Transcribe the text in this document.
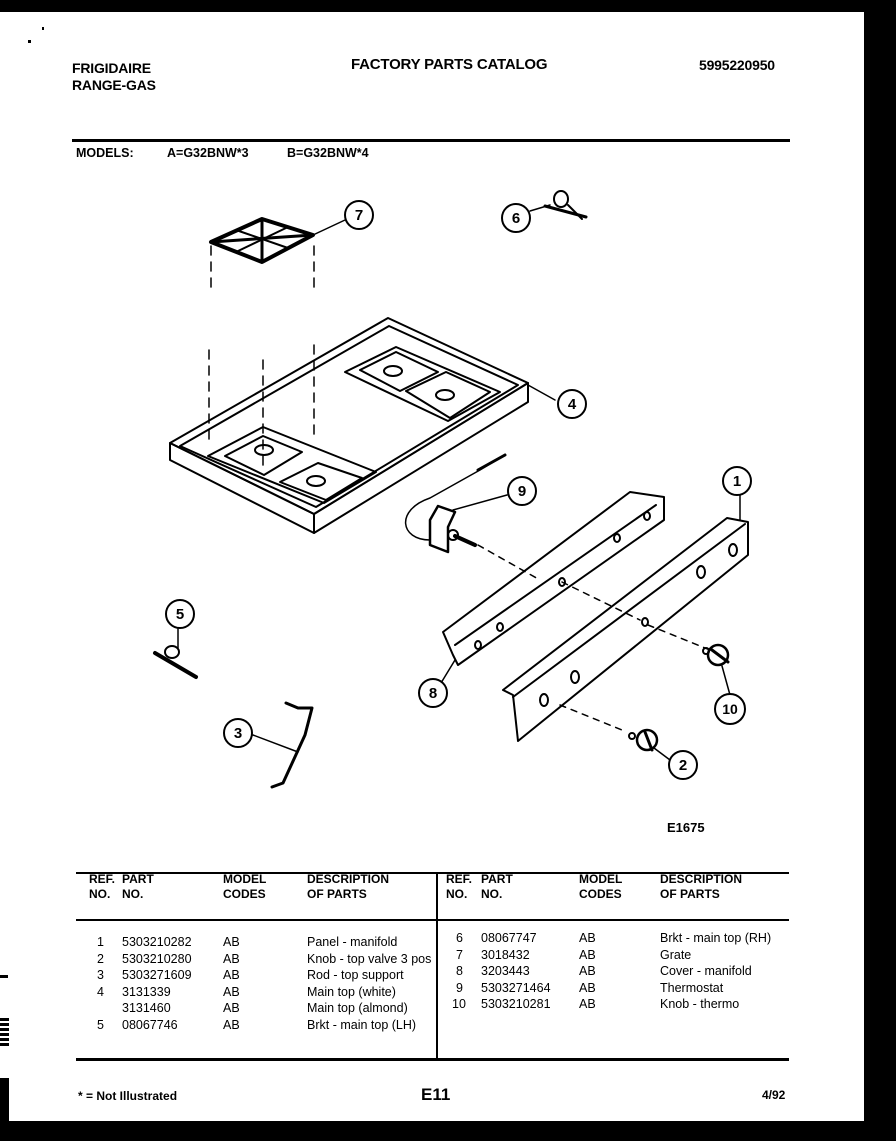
FRIGIDAIRE
RANGE-GAS
FACTORY PARTS CATALOG	5995220950
MODELS:	A=G32BNW*3	B=G32BNW*4
7	6
4
9
1
5
8
10
3
2
E1675
REF.
NO.

PART
NO.

MODEL
CODES

DESCRIPTION
OF PARTS

1	5303210282	AB	Panel - manifold
2	5303210280	AB	Knob - top valve 3 pos
3	5303271609	AB	Rod - top support
4	3131339	AB	Main top (white)
	3131460	AB	Main top (almond)
5	08067746	AB	Brkt - main top (LH)
REF.
NO.

PART
NO.

MODEL
CODES

DESCRIPTION
OF PARTS

6	08067747	AB	Brkt - main top (RH)
7	3018432	AB	Grate
8	3203443	AB	Cover - manifold
9	5303271464	AB	Thermostat
10	5303210281	AB	Knob - thermo
* = Not Illustrated	E11	4/92
